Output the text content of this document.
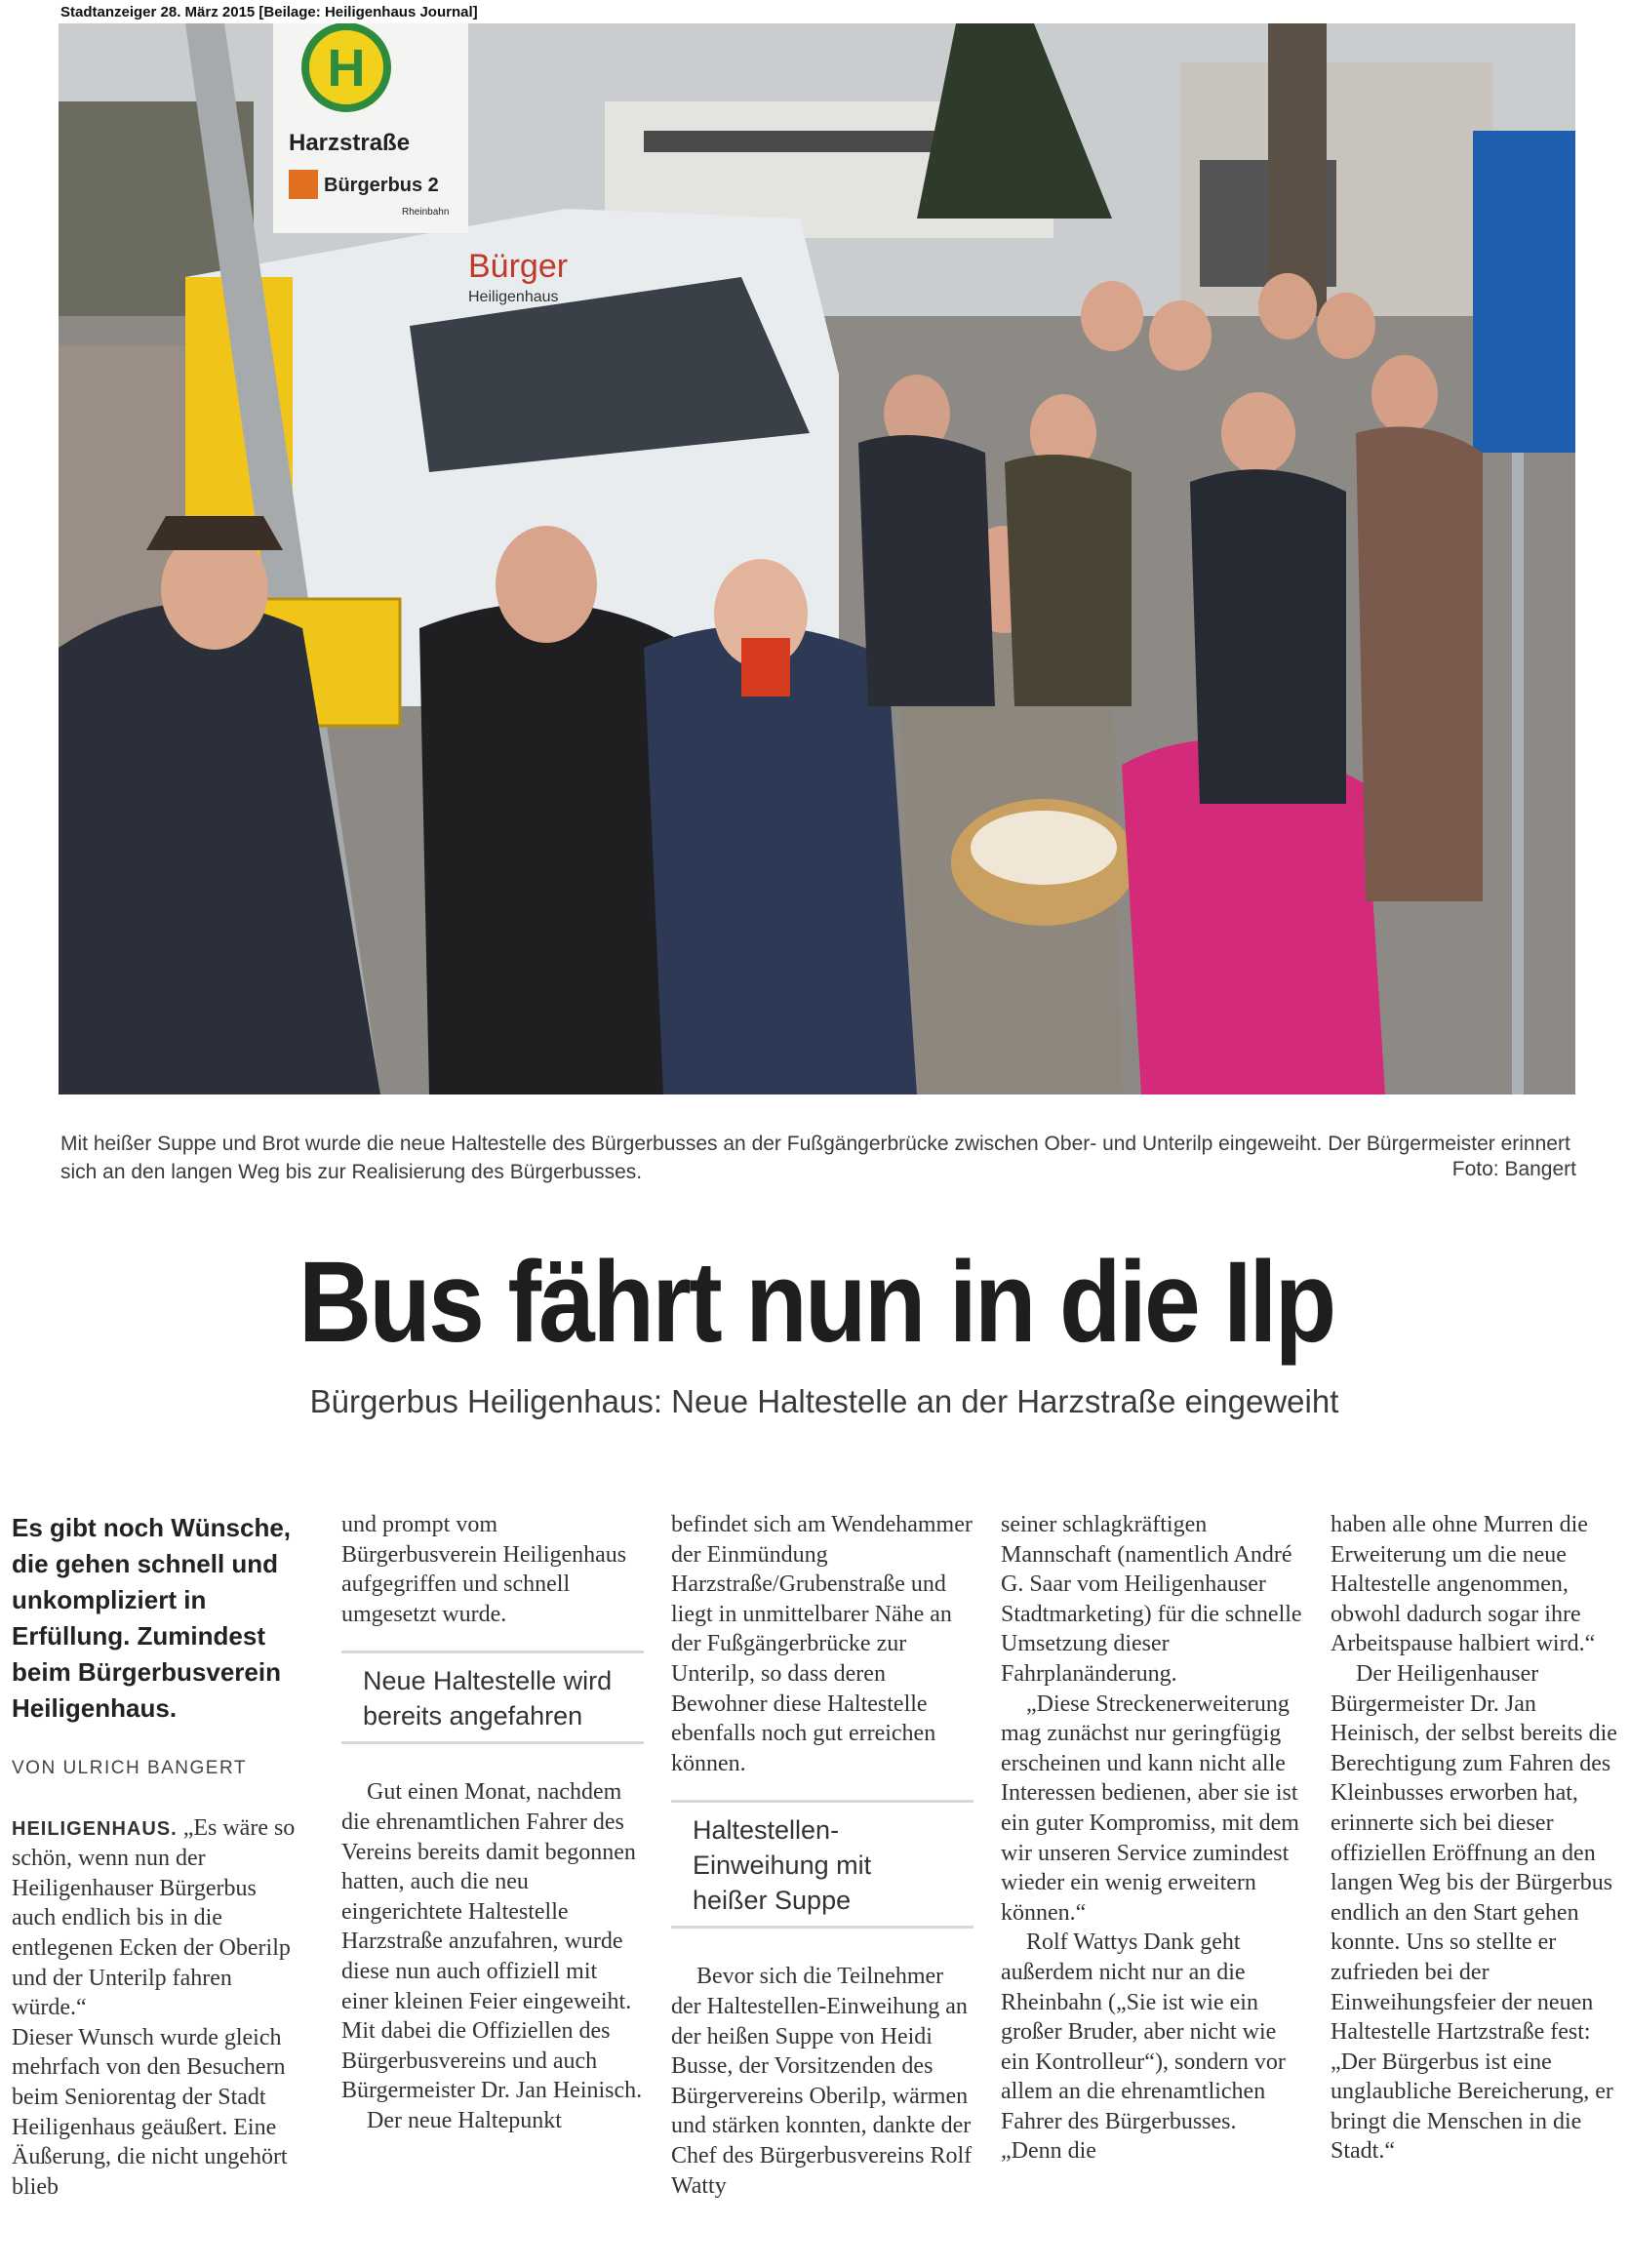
Stadtanzeiger 28. März 2015 [Beilage: Heiligenhaus Journal]
Bürger
Heiligenhaus
H
Harzstraße
Bürgerbus 2
Rheinbahn
Mit heißer Suppe und Brot wurde die neue Haltestelle des Bürgerbusses an der Fußgängerbrücke zwischen Ober- und Unterilp eingeweiht. Der Bürgermeister erinnert sich an den langen Weg bis zur Realisierung des Bürgerbusses.	Foto: Bangert
Bus fährt nun in die Ilp
Bürgerbus Heiligenhaus: Neue Haltestelle an der Harzstraße eingeweiht

Es gibt noch Wünsche, die gehen schnell und unkompliziert in Erfüllung. Zumindest beim Bürgerbusverein Heiligenhaus.

VON ULRICH BANGERT

HEILIGENHAUS. „Es wäre so schön, wenn nun der Heiligenhauser Bürgerbus auch endlich bis in die entlegenen Ecken der Oberilp und der Unterilp fahren würde.“

Dieser Wunsch wurde gleich mehrfach von den Besuchern beim Seniorentag der Stadt Heiligenhaus geäußert. Eine Äußerung, die nicht ungehört blieb

und prompt vom Bürgerbusverein Heiligenhaus aufgegriffen und schnell umgesetzt wurde.

Neue Haltestelle wird bereits angefahren

Gut einen Monat, nachdem die ehrenamtlichen Fahrer des Vereins bereits damit begonnen hatten, auch die neu eingerichtete Haltestelle Harzstraße anzufahren, wurde diese nun auch offiziell mit einer kleinen Feier eingeweiht. Mit dabei die Offiziellen des Bürgerbusvereins und auch Bürgermeister Dr. Jan Heinisch.

Der neue Haltepunkt

befindet sich am Wendehammer der Einmündung Harzstraße/Grubenstraße und liegt in unmittelbarer Nähe an der Fußgängerbrücke zur Unterilp, so dass deren Bewohner diese Haltestelle ebenfalls noch gut erreichen können.

Haltestellen-Einweihung mit heißer Suppe

Bevor sich die Teilnehmer der Haltestellen-Einweihung an der heißen Suppe von Heidi Busse, der Vorsitzenden des Bürgervereins Oberilp, wärmen und stärken konnten, dankte der Chef des Bürgerbusvereins Rolf Watty

seiner schlagkräftigen Mannschaft (namentlich André G. Saar vom Heiligenhauser Stadtmarketing) für die schnelle Umsetzung dieser Fahrplanänderung.

„Diese Streckenerweiterung mag zunächst nur geringfügig erscheinen und kann nicht alle Interessen bedienen, aber sie ist ein guter Kompromiss, mit dem wir unseren Service zumindest wieder ein wenig erweitern können.“

Rolf Wattys Dank geht außerdem nicht nur an die Rheinbahn („Sie ist wie ein großer Bruder, aber nicht wie ein Kontrolleur“), sondern vor allem an die ehrenamtlichen Fahrer des Bürgerbusses. „Denn die

haben alle ohne Murren die Erweiterung um die neue Haltestelle angenommen, obwohl dadurch sogar ihre Arbeitspause halbiert wird.“

Der Heiligenhauser Bürgermeister Dr. Jan Heinisch, der selbst bereits die Berechtigung zum Fahren des Kleinbusses erworben hat, erinnerte sich bei dieser offiziellen Eröffnung an den langen Weg bis der Bürgerbus endlich an den Start gehen konnte. Uns so stellte er zufrieden bei der Einweihungsfeier der neuen Haltestelle Hartzstraße fest: „Der Bürgerbus ist eine unglaubliche Bereicherung, er bringt die Menschen in die Stadt.“
